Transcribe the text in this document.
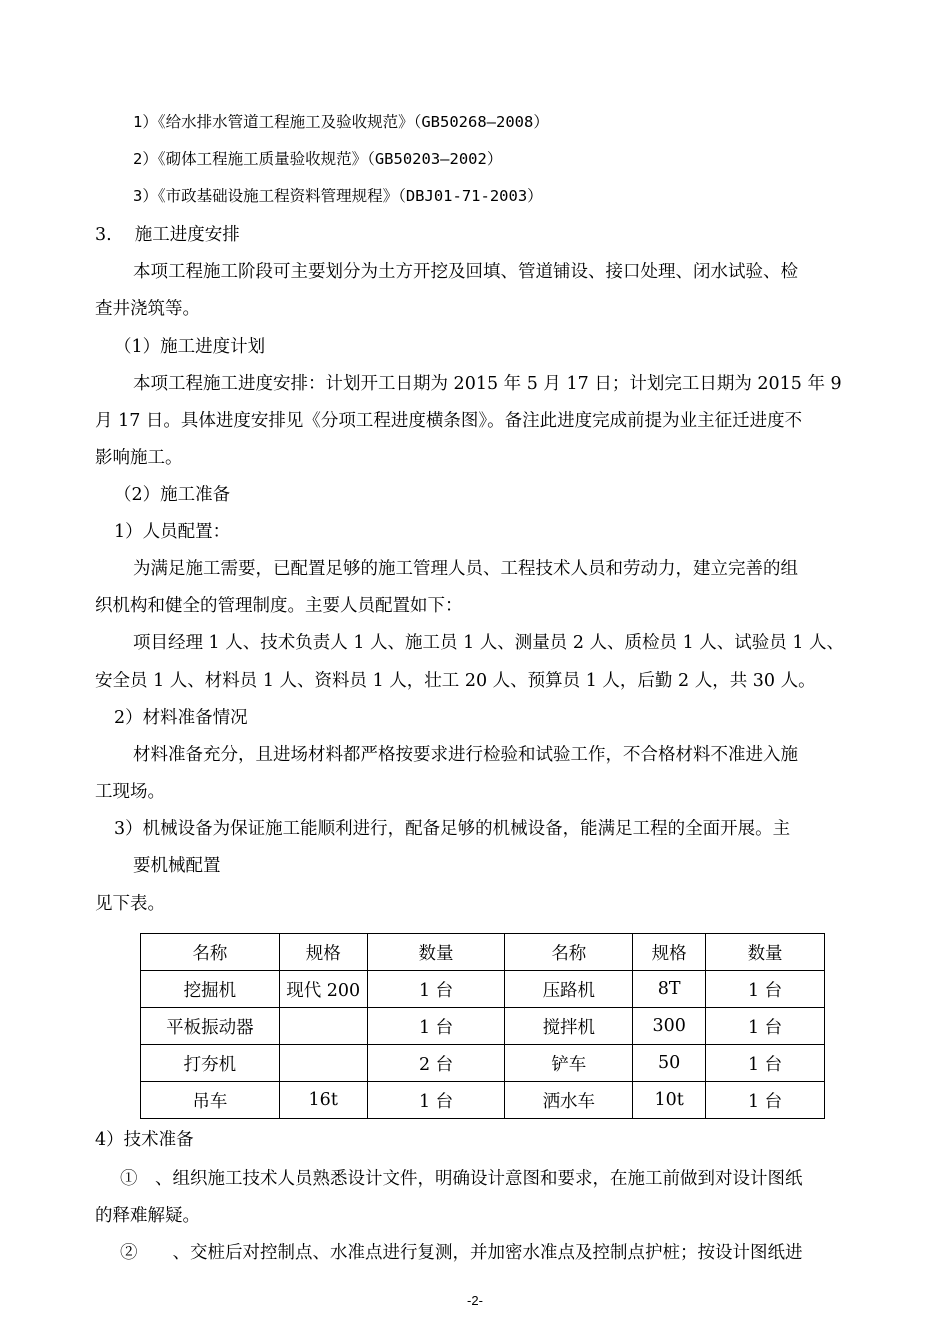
1）《给水排水管道工程施工及验收规范》（GB50268—2008）
2）《砌体工程施工质量验收规范》（GB50203—2002）
3）《市政基础设施工程资料管理规程》（DBJ01-71-2003）
3.　 施工进度安排
本项工程施工阶段可主要划分为土方开挖及回填、管道铺设、接口处理、闭水试验、检
查井浇筑等。
（1）施工进度计划
本项工程施工进度安排：计划开工日期为 2015 年 5 月 17 日；计划完工日期为 2015 年 9
月 17 日。具体进度安排见《分项工程进度横条图》。备注此进度完成前提为业主征迁进度不
影响施工。
（2）施工准备
1）人员配置：
为满足施工需要，已配置足够的施工管理人员、工程技术人员和劳动力，建立完善的组
织机构和健全的管理制度。主要人员配置如下：
项目经理 1 人、技术负责人 1 人、施工员 1 人、测量员 2 人、质检员 1 人、试验员 1 人、
安全员 1 人、材料员 1 人、资料员 1 人，壮工 20 人、预算员 1 人，后勤 2 人，共 30 人。
2）材料准备情况
材料准备充分，且进场材料都严格按要求进行检验和试验工作，不合格材料不准进入施
工现场。
3）机械设备为保证施工能顺利进行，配备足够的机械设备，能满足工程的全面开展。主
要机械配置
见下表。
名称	规格	数量	名称	规格	数量
挖掘机	现代 200	1 台	压路机	8T	1 台
平板振动器		1 台	搅拌机	300	1 台
打夯机		2 台	铲车	50	1 台
吊车	16t	1 台	洒水车	10t	1 台
4）技术准备
①　、组织施工技术人员熟悉设计文件，明确设计意图和要求，在施工前做到对设计图纸
的释难解疑。
②　　、交桩后对控制点、水准点进行复测，并加密水准点及控制点护桩；按设计图纸进
-2-
